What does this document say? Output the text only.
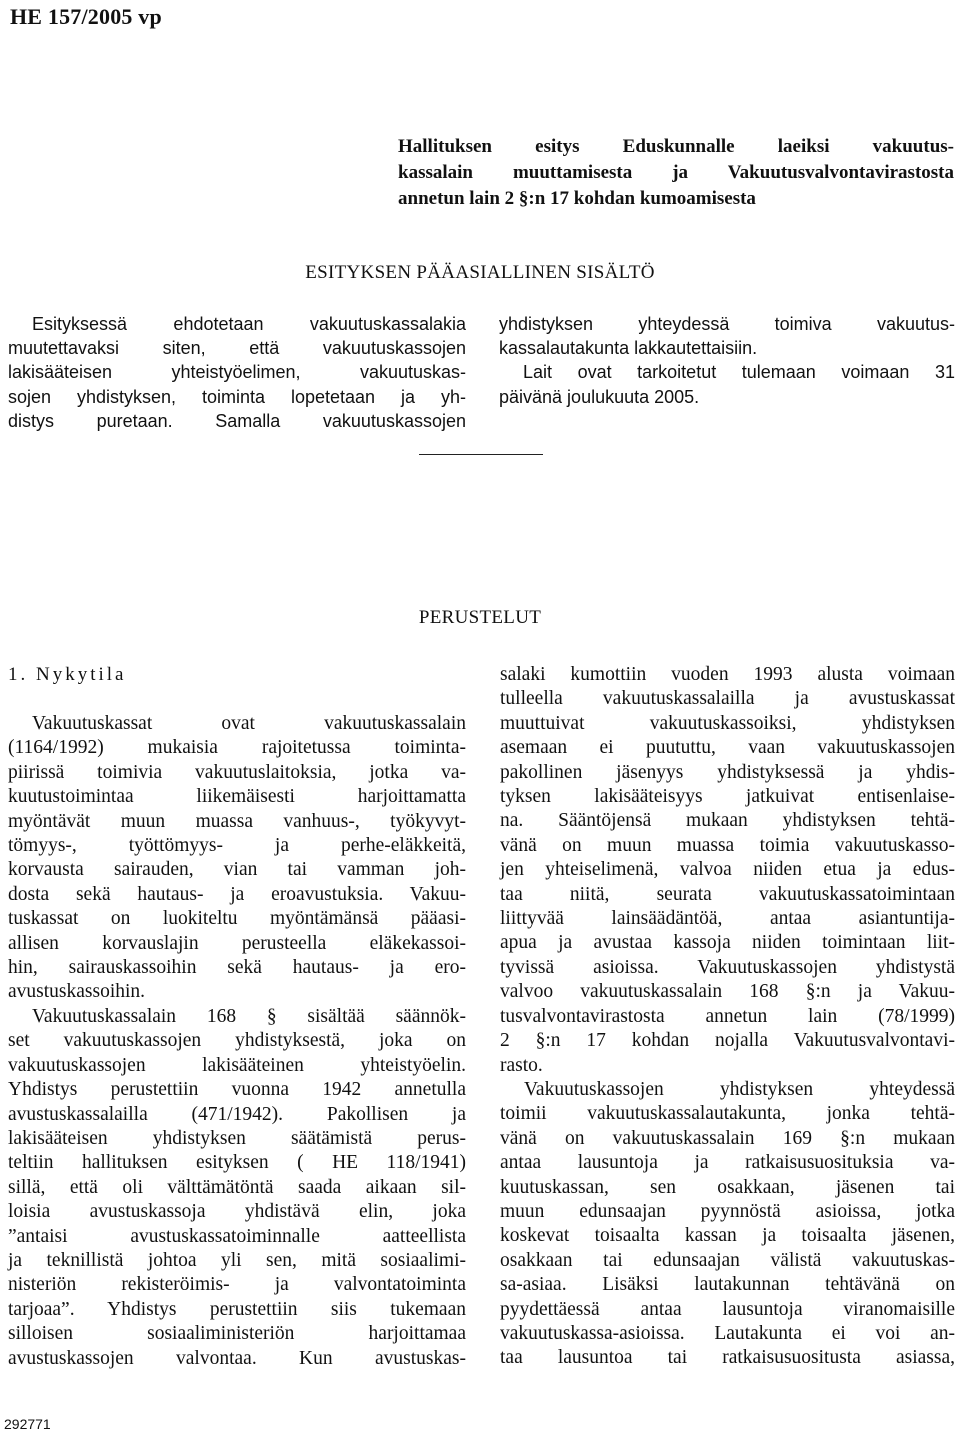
HE 157/2005 vp
Hallituksen esitys Eduskunnalle laeiksi vakuutus-
kassalain muuttamisesta ja Vakuutusvalvontavirastosta
annetun lain 2 §:n 17 kohdan kumoamisesta
ESITYKSEN PÄÄASIALLINEN SISÄLTÖ
Esityksessä ehdotetaan vakuutuskassalakia
muutettavaksi siten, että vakuutuskassojen
lakisääteisen yhteistyöelimen, vakuutuskas-
sojen yhdistyksen, toiminta lopetetaan ja yh-
distys puretaan. Samalla vakuutuskassojen
yhdistyksen yhteydessä toimiva vakuutus-
kassalautakunta lakkautettaisiin.
Lait ovat tarkoitetut tulemaan voimaan 31
päivänä joulukuuta 2005.
PERUSTELUT
1. Nykytila
Vakuutuskassat ovat vakuutuskassalain
(1164/1992) mukaisia rajoitetussa toiminta-
piirissä toimivia vakuutuslaitoksia, jotka va-
kuutustoimintaa liikemäisesti harjoittamatta
myöntävät muun muassa vanhuus-, työkyvyt-
tömyys-, työttömyys- ja perhe-eläkkeitä,
korvausta sairauden, vian tai vamman joh-
dosta sekä hautaus- ja eroavustuksia. Vakuu-
tuskassat on luokiteltu myöntämänsä pääasi-
allisen korvauslajin perusteella eläkekassoi-
hin, sairauskassoihin sekä hautaus- ja ero-
avustuskassoihin.
Vakuutuskassalain 168 § sisältää säännök-
set vakuutuskassojen yhdistyksestä, joka on
vakuutuskassojen lakisääteinen yhteistyöelin.
Yhdistys perustettiin vuonna 1942 annetulla
avustuskassalailla (471/1942). Pakollisen ja
lakisääteisen yhdistyksen säätämistä perus-
teltiin hallituksen esityksen ( HE 118/1941)
sillä, että oli välttämätöntä saada aikaan sil-
loisia avustuskassoja yhdistävä elin, joka
”antaisi avustuskassatoiminnalle aatteellista
ja teknillistä johtoa yli sen, mitä sosiaalimi-
nisteriön rekisteröimis- ja valvontatoiminta
tarjoaa”. Yhdistys perustettiin siis tukemaan
silloisen sosiaaliministeriön harjoittamaa
avustuskassojen valvontaa. Kun avustuskas-
salaki kumottiin vuoden 1993 alusta voimaan
tulleella vakuutuskassalailla ja avustuskassat
muuttuivat vakuutuskassoiksi, yhdistyksen
asemaan ei puututtu, vaan vakuutuskassojen
pakollinen jäsenyys yhdistyksessä ja yhdis-
tyksen lakisääteisyys jatkuivat entisenlaise-
na. Sääntöjensä mukaan yhdistyksen tehtä-
vänä on muun muassa toimia vakuutuskasso-
jen yhteiselimenä, valvoa niiden etua ja edus-
taa niitä, seurata vakuutuskassatoimintaan
liittyvää lainsäädäntöä, antaa asiantuntija-
apua ja avustaa kassoja niiden toimintaan liit-
tyvissä asioissa. Vakuutuskassojen yhdistystä
valvoo vakuutuskassalain 168 §:n ja Vakuu-
tusvalvontavirastosta annetun lain (78/1999)
2 §:n 17 kohdan nojalla Vakuutusvalvontavi-
rasto.
Vakuutuskassojen yhdistyksen yhteydessä
toimii vakuutuskassalautakunta, jonka tehtä-
vänä on vakuutuskassalain 169 §:n mukaan
antaa lausuntoja ja ratkaisusuosituksia va-
kuutuskassan, sen osakkaan, jäsenen tai
muun edunsaajan pyynnöstä asioissa, jotka
koskevat toisaalta kassan ja toisaalta jäsenen,
osakkaan tai edunsaajan välistä vakuutuskas-
sa-asiaa. Lisäksi lautakunnan tehtävänä on
pyydettäessä antaa lausuntoja viranomaisille
vakuutuskassa-asioissa. Lautakunta ei voi an-
taa lausuntoa tai ratkaisusuositusta asiassa,
292771
